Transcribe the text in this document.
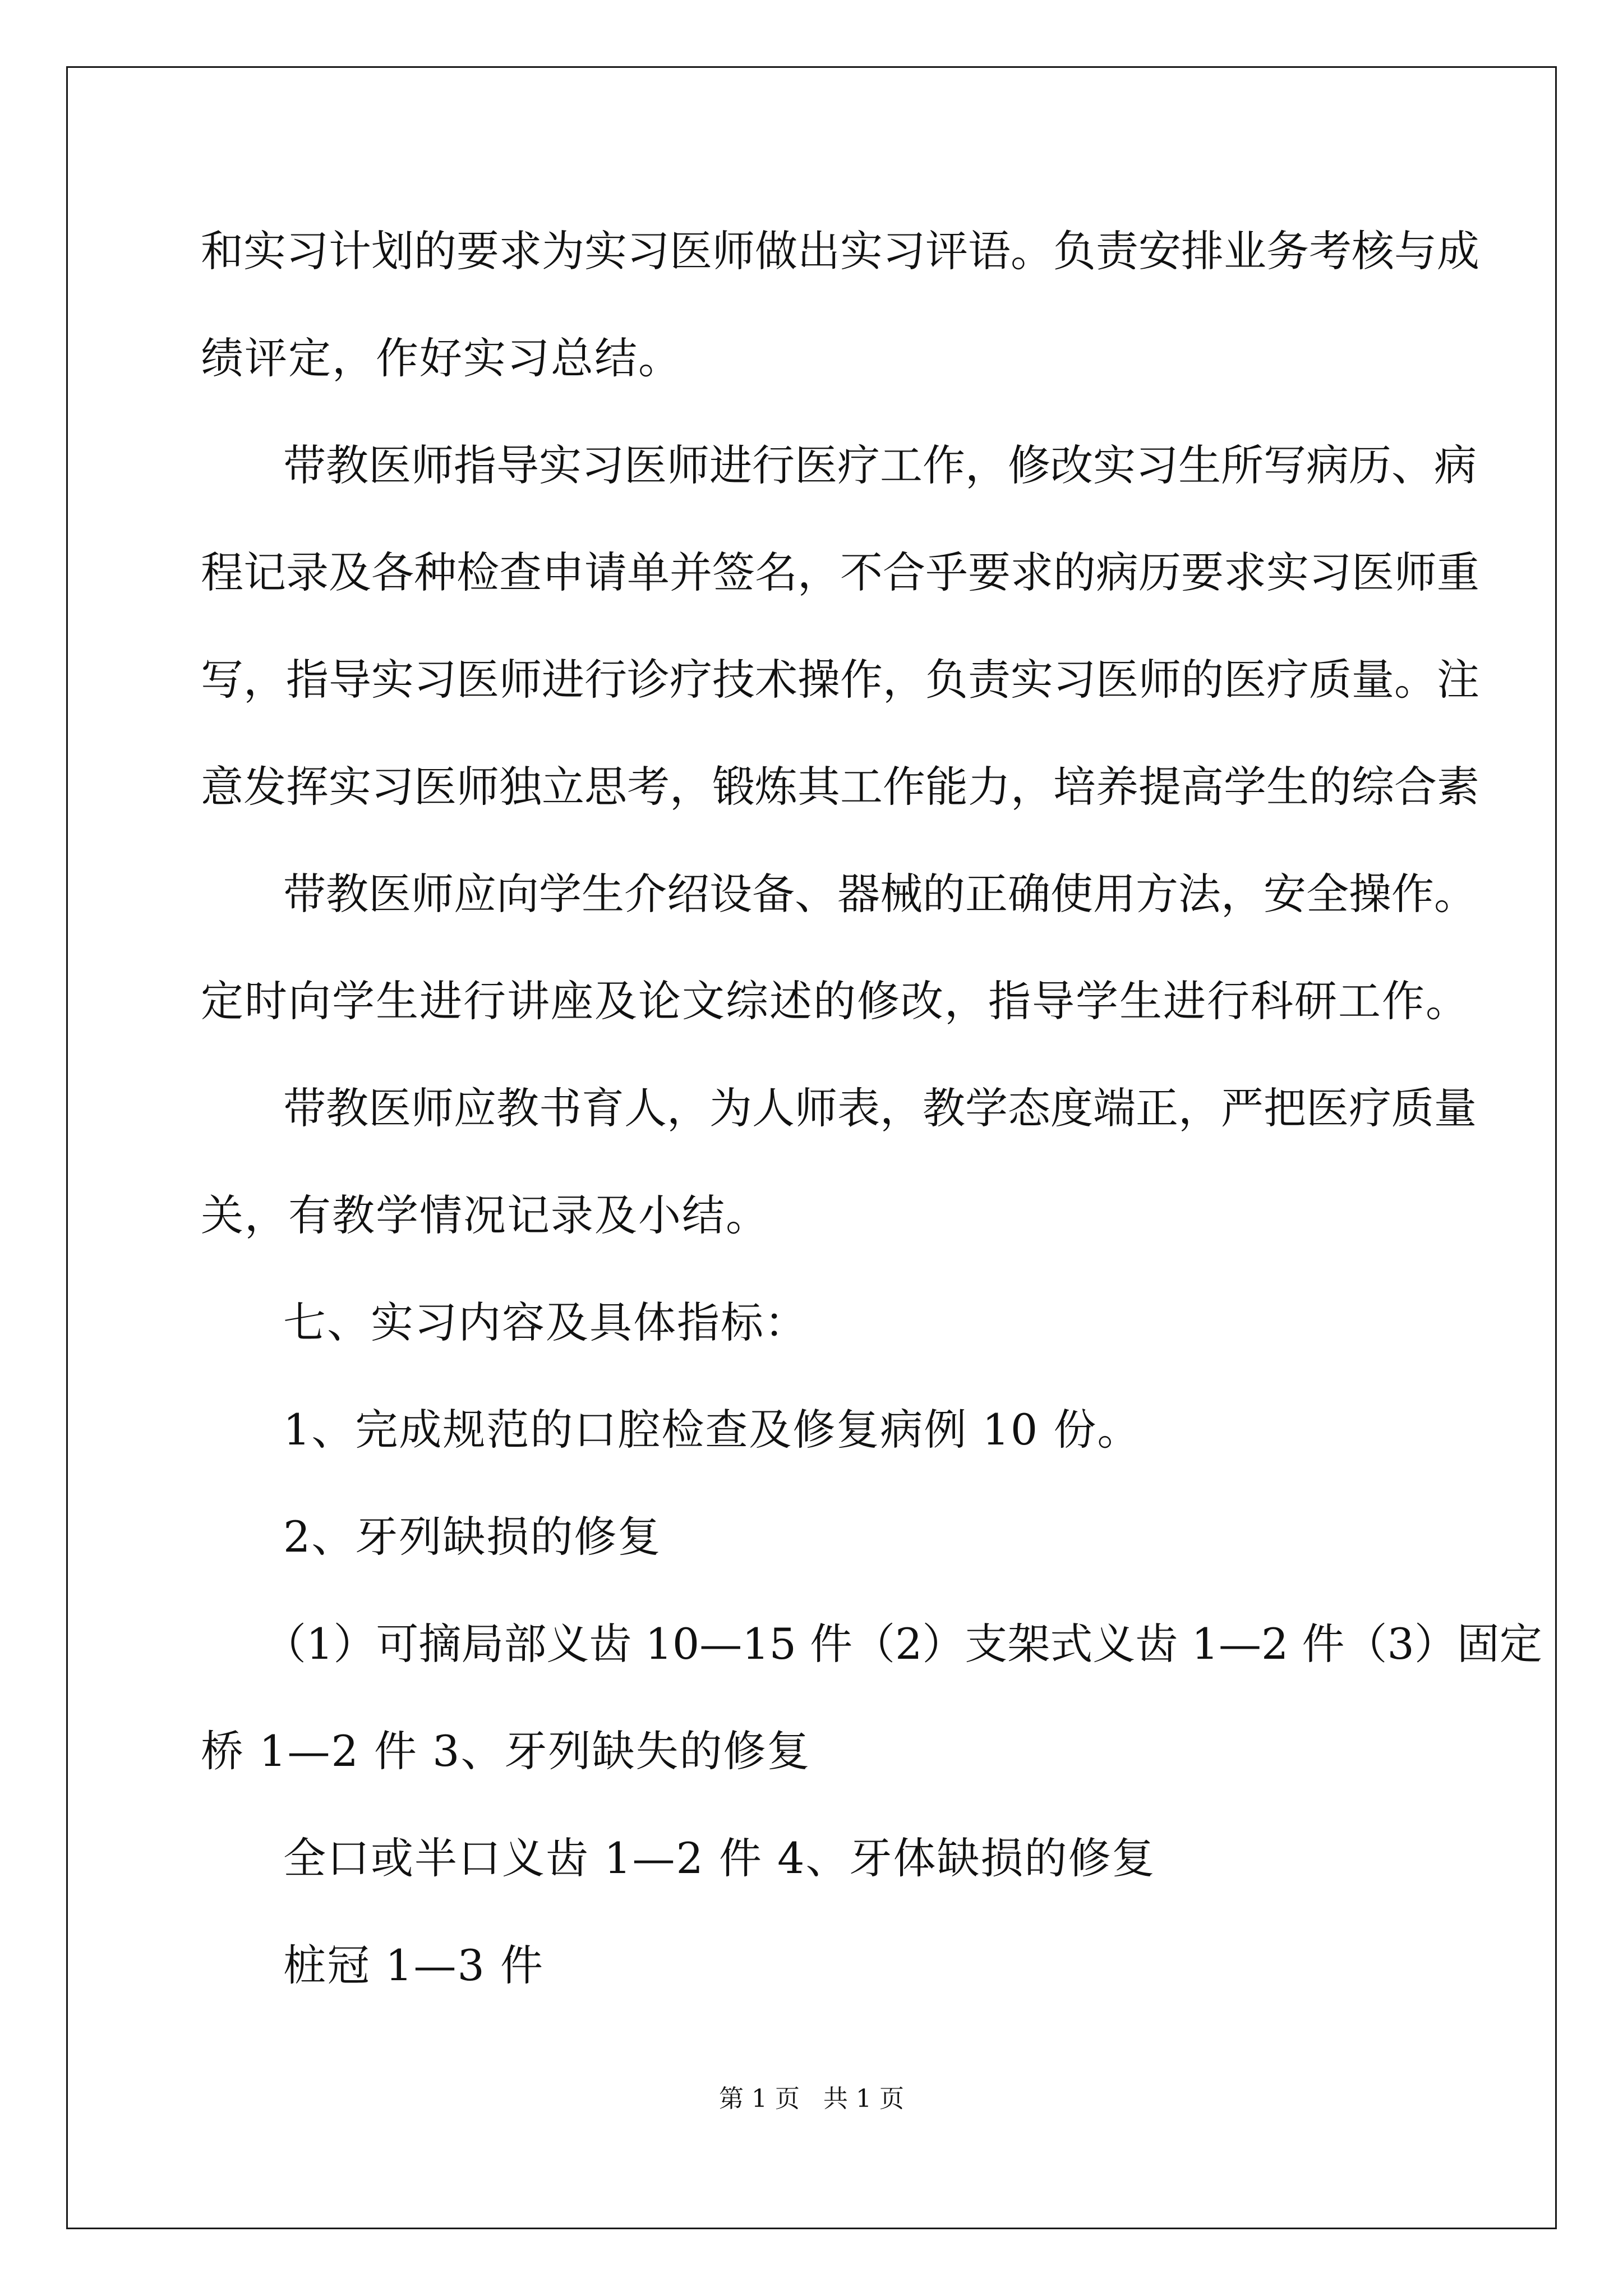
和实习计划的要求为实习医师做出实习评语。负责安排业务考核与成
绩评定，作好实习总结。
带教医师指导实习医师进行医疗工作，修改实习生所写病历、病
程记录及各种检查申请单并签名，不合乎要求的病历要求实习医师重
写，指导实习医师进行诊疗技术操作，负责实习医师的医疗质量。注
意发挥实习医师独立思考，锻炼其工作能力，培养提高学生的综合素
带教医师应向学生介绍设备、器械的正确使用方法，安全操作。
定时向学生进行讲座及论文综述的修改，指导学生进行科研工作。
带教医师应教书育人，为人师表，教学态度端正，严把医疗质量
关，有教学情况记录及小结。
七、实习内容及具体指标：
1、完成规范的口腔检查及修复病例 10 份。
2、牙列缺损的修复
（1）可摘局部义齿 10—15 件（2）支架式义齿 1—2 件（3）固定
桥 1—2 件 3、牙列缺失的修复
全口或半口义齿 1—2 件 4、牙体缺损的修复
桩冠 1—3 件
第 1 页   共 1 页
